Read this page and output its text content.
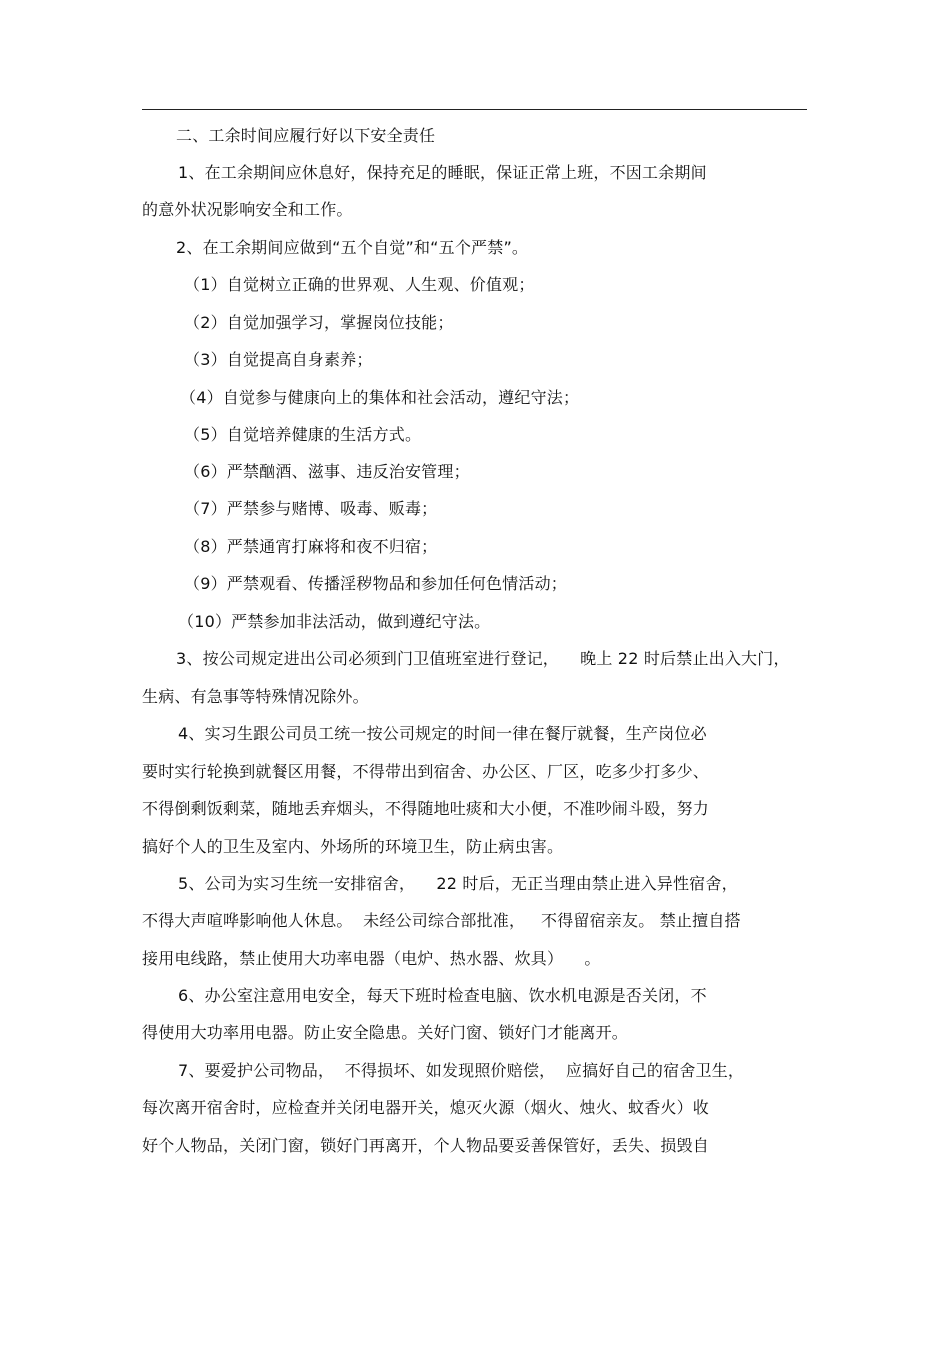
二、工余时间应履行好以下安全责任
1、在工余期间应休息好，保持充足的睡眠，保证正常上班，不因工余期间
的意外状况影响安全和工作。
2、在工余期间应做到“五个自觉”和“五个严禁”。
（1）自觉树立正确的世界观、人生观、价值观；
（2）自觉加强学习，掌握岗位技能；
（3）自觉提高自身素养；
（4）自觉参与健康向上的集体和社会活动，遵纪守法；
（5）自觉培养健康的生活方式。
（6）严禁酗酒、滋事、违反治安管理；
（7）严禁参与赌博、吸毒、贩毒；
（8）严禁通宵打麻将和夜不归宿；
（9）严禁观看、传播淫秽物品和参加任何色情活动；
（10）严禁参加非法活动，做到遵纪守法。
3、按公司规定进出公司必须到门卫值班室进行登记，    晚上 22 时后禁止出入大门，
生病、有急事等特殊情况除外。
4、实习生跟公司员工统一按公司规定的时间一律在餐厅就餐，生产岗位必
要时实行轮换到就餐区用餐，不得带出到宿舍、办公区、厂区，吃多少打多少、
不得倒剩饭剩菜，随地丢弃烟头，不得随地吐痰和大小便，不准吵闹斗殴，努力
搞好个人的卫生及室内、外场所的环境卫生，防止病虫害。
5、公司为实习生统一安排宿舍，    22 时后，无正当理由禁止进入异性宿舍，
不得大声喧哗影响他人休息。  未经公司综合部批准，   不得留宿亲友。 禁止擅自搭
接用电线路，禁止使用大功率电器（电炉、热水器、炊具）    。
6、办公室注意用电安全，每天下班时检查电脑、饮水机电源是否关闭，不
得使用大功率用电器。防止安全隐患。关好门窗、锁好门才能离开。
7、要爱护公司物品，  不得损坏、如发现照价赔偿，  应搞好自己的宿舍卫生，
每次离开宿舍时，应检查并关闭电器开关，熄灭火源（烟火、烛火、蚊香火）收
好个人物品，关闭门窗，锁好门再离开，个人物品要妥善保管好，丢失、损毁自
